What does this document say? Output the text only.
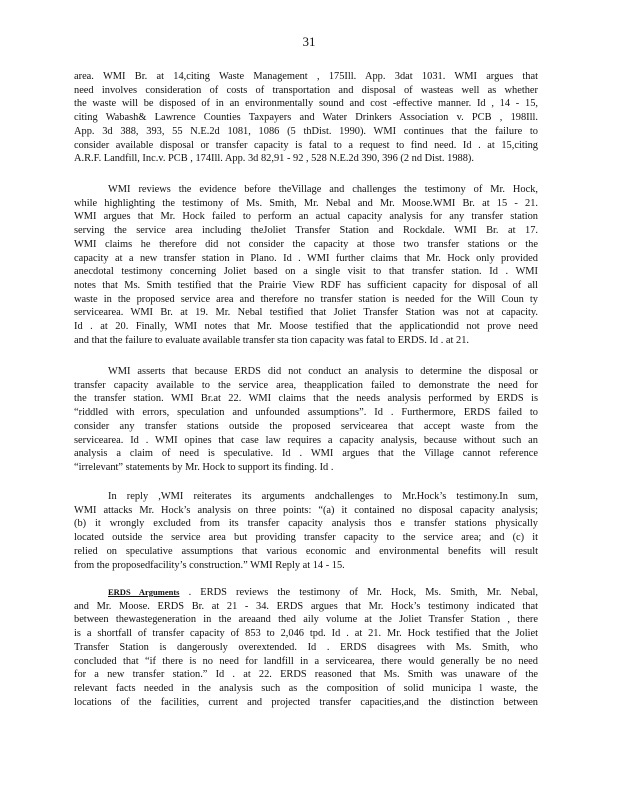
31

area. WMI Br. at 14,citing Waste Management , 175Ill. App. 3dat 1031. WMI argues that
need involves consideration of costs of transportation and disposal of wasteas well as whether
the waste will be disposed of in an environmentally sound and cost -effective manner. Id , 14 - 15,
citing Wabash& Lawrence Counties Taxpayers and Water Drinkers Association v. PCB , 198Ill.
App. 3d 388, 393, 55 N.E.2d 1081, 1086 (5 thDist. 1990). WMI continues that the failure to
consider available disposal or transfer capacity is fatal to a request to find need. Id . at 15,citing
A.R.F. Landfill, Inc.v. PCB , 174Ill. App. 3d 82,91 - 92 , 528 N.E.2d 390, 396 (2 nd Dist. 1988).

WMI reviews the evidence before theVillage and challenges the testimony of Mr. Hock,
while highlighting the testimony of Ms. Smith, Mr. Nebal and Mr. Moose.WMI Br. at 15 - 21.
WMI argues that Mr. Hock failed to perform an actual capacity analysis for any transfer station
serving the service area including theJoliet Transfer Station and Rockdale. WMI Br. at 17.
WMI claims he therefore did not consider the capacity at those two transfer stations or the
capacity at a new transfer station in Plano. Id . WMI further claims that Mr. Hock only provided
anecdotal testimony concerning Joliet based on a single visit to that transfer station. Id . WMI
notes that Ms. Smith testified that the Prairie View RDF has sufficient capacity for disposal of all
waste in the proposed service area and therefore no transfer station is needed for the Will Coun ty
servicearea. WMI Br. at 19. Mr. Nebal testified that Joliet Transfer Station was not at capacity.
Id . at 20. Finally, WMI notes that Mr. Moose testified that the applicationdid not prove need
and that the failure to evaluate available transfer sta tion capacity was fatal to ERDS. Id . at 21.

WMI asserts that because ERDS did not conduct an analysis to determine the disposal or
transfer capacity available to the service area, theapplication failed to demonstrate the need for
the transfer station. WMI Br.at 22. WMI claims that the needs analysis performed by ERDS is
“riddled with errors, speculation and unfounded assumptions”. Id . Furthermore, ERDS failed to
consider any transfer stations outside the proposed servicearea that accept waste from the
servicearea. Id . WMI opines that case law requires a capacity analysis, because without such an
analysis a claim of need is speculative. Id . WMI argues that the Village cannot reference
“irrelevant” statements by Mr. Hock to support its finding. Id .

In reply ,WMI reiterates its arguments andchallenges to Mr.Hock’s testimony.In sum,
WMI attacks Mr. Hock’s analysis on three points: “(a) it contained no disposal capacity analysis;
(b) it wrongly excluded from its transfer capacity analysis thos e transfer stations physically
located outside the service area but providing transfer capacity to the service area; and (c) it
relied on speculative assumptions that various economic and environmental benefits will result
from the proposedfacility’s construction.” WMI Reply at 14 - 15.

ERDS Arguments . ERDS reviews the testimony of Mr. Hock, Ms. Smith, Mr. Nebal,
and Mr. Moose. ERDS Br. at 21 - 34. ERDS argues that Mr. Hock’s testimony indicated that
between thewastegeneration in the areaand thed aily volume at the Joliet Transfer Station , there
is a shortfall of transfer capacity of 853 to 2,046 tpd. Id . at 21. Mr. Hock testified that the Joliet
Transfer Station is dangerously overextended. Id . ERDS disagrees with Ms. Smith, who
concluded that “if there is no need for landfill in a servicearea, there would generally be no need
for a new transfer station.” Id . at 22. ERDS reasoned that Ms. Smith was unaware of the
relevant facts needed in the analysis such as the composition of solid municipa l waste, the
locations of the facilities, current and projected transfer capacities,and the distinction between
